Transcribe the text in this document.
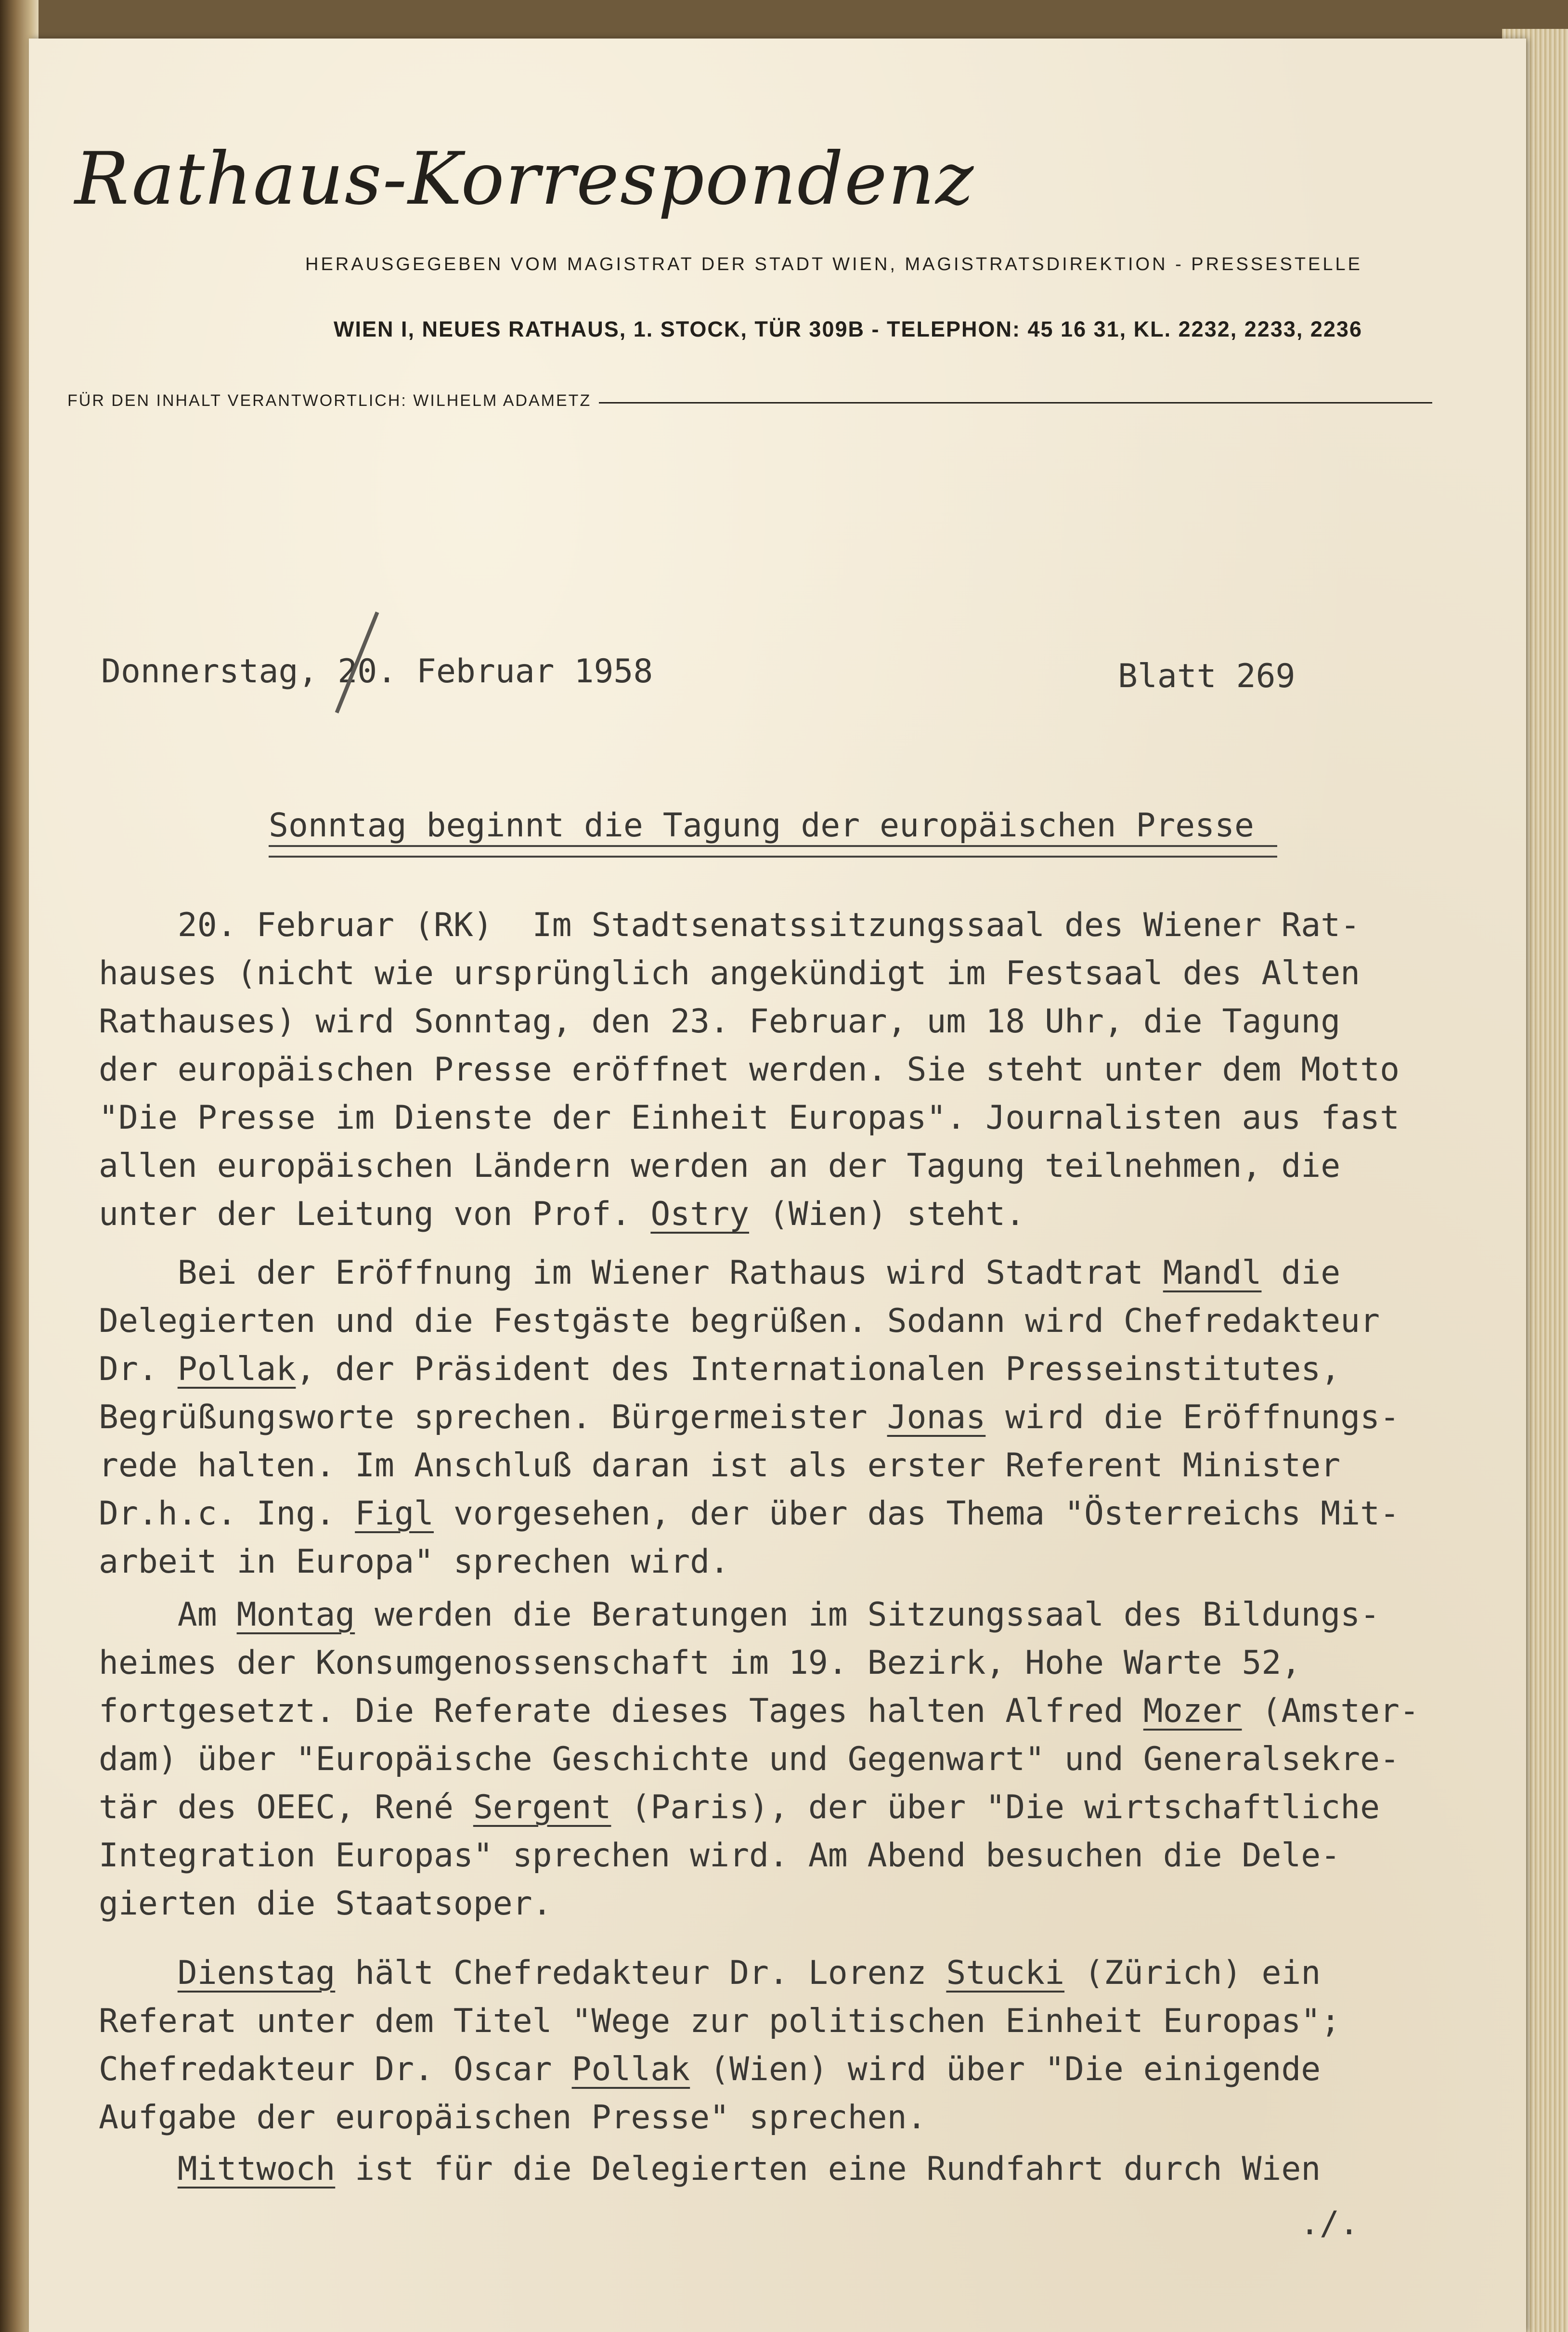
Rathaus-Korrespondenz
HERAUSGEGEBEN VOM MAGISTRAT DER STADT WIEN, MAGISTRATSDIREKTION - PRESSESTELLE
WIEN I, NEUES RATHAUS, 1. STOCK, TÜR 309B - TELEPHON: 45 16 31, KL. 2232, 2233, 2236
FÜR DEN INHALT VERANTWORTLICH: WILHELM ADAMETZ
Donnerstag, 20. Februar 1958	Blatt 269
Sonntag beginnt die Tagung der europäischen Presse
20. Februar (RK)  Im Stadtsenatssitzungssaal des Wiener Rat-
hauses (nicht wie ursprünglich angekündigt im Festsaal des Alten
Rathauses) wird Sonntag, den 23. Februar, um 18 Uhr, die Tagung
der europäischen Presse eröffnet werden. Sie steht unter dem Motto
"Die Presse im Dienste der Einheit Europas". Journalisten aus fast
allen europäischen Ländern werden an der Tagung teilnehmen, die
unter der Leitung von Prof. Ostry (Wien) steht.
Bei der Eröffnung im Wiener Rathaus wird Stadtrat Mandl die
Delegierten und die Festgäste begrüßen. Sodann wird Chefredakteur
Dr. Pollak, der Präsident des Internationalen Presseinstitutes,
Begrüßungsworte sprechen. Bürgermeister Jonas wird die Eröffnungs-
rede halten. Im Anschluß daran ist als erster Referent Minister
Dr.h.c. Ing. Figl vorgesehen, der über das Thema "Österreichs Mit-
arbeit in Europa" sprechen wird.
Am Montag werden die Beratungen im Sitzungssaal des Bildungs-
heimes der Konsumgenossenschaft im 19. Bezirk, Hohe Warte 52,
fortgesetzt. Die Referate dieses Tages halten Alfred Mozer (Amster-
dam) über "Europäische Geschichte und Gegenwart" und Generalsekre-
tär des OEEC, René Sergent (Paris), der über "Die wirtschaftliche
Integration Europas" sprechen wird. Am Abend besuchen die Dele-
gierten die Staatsoper.
Dienstag hält Chefredakteur Dr. Lorenz Stucki (Zürich) ein
Referat unter dem Titel "Wege zur politischen Einheit Europas";
Chefredakteur Dr. Oscar Pollak (Wien) wird über "Die einigende
Aufgabe der europäischen Presse" sprechen.
Mittwoch ist für die Delegierten eine Rundfahrt durch Wien
./.
